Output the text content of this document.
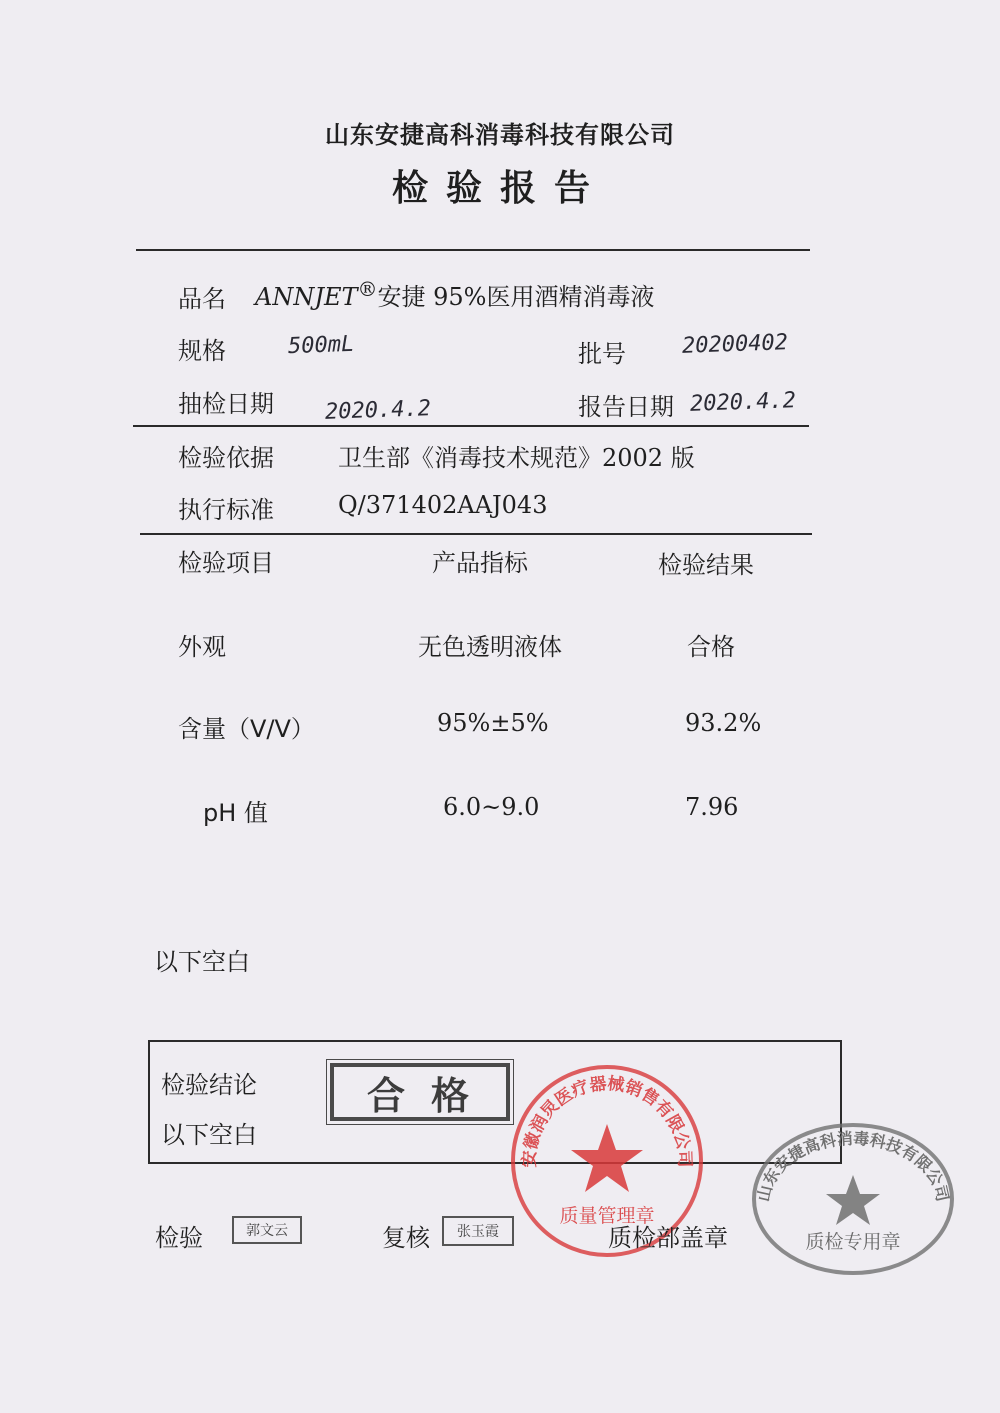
山东安捷高科消毒科技有限公司
检验报告
品名 ANNJET®安捷 95%医用酒精消毒液
规格	500mL	批号	20200402
抽检日期 2020.4.2	报告日期 2020.4.2
检验依据	卫生部《消毒技术规范》2002 版
执行标准	Q/371402AAJ043
检验项目	产品指标	检验结果
外观	无色透明液体	合格
含量（V/V）	95%±5%	93.2%
pH 值	6.0~9.0	7.96
以下空白
检验结论
以下空白
合格
安徽润炅医疗器械销售有限公司
质量管理章
山东安捷高科消毒科技有限公司
质检专用章
检验	郭文云	复核	张玉霞	质检部盖章
